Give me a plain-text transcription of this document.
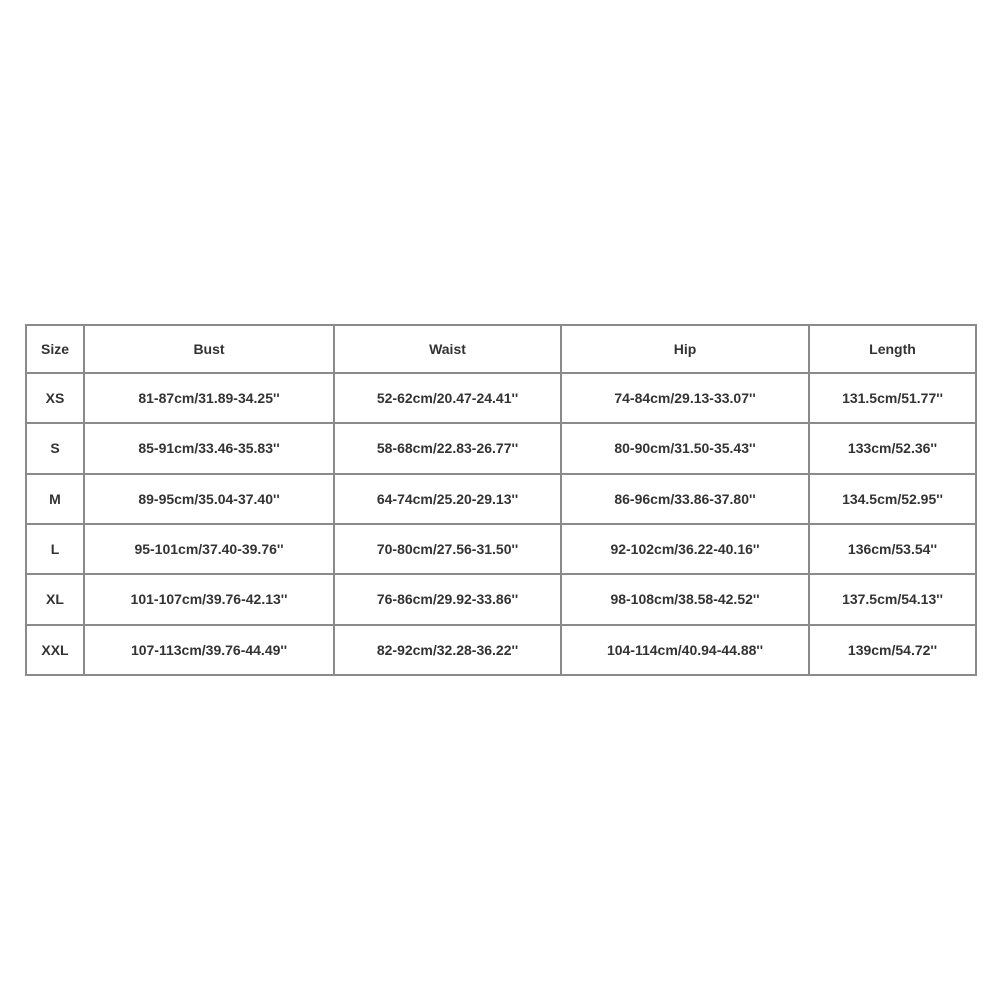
Size	Bust	Waist	Hip	Length
XS	81-87cm/31.89-34.25''	52-62cm/20.47-24.41''	74-84cm/29.13-33.07''	131.5cm/51.77''
S	85-91cm/33.46-35.83''	58-68cm/22.83-26.77''	80-90cm/31.50-35.43''	133cm/52.36''
M	89-95cm/35.04-37.40''	64-74cm/25.20-29.13''	86-96cm/33.86-37.80''	134.5cm/52.95''
L	95-101cm/37.40-39.76''	70-80cm/27.56-31.50''	92-102cm/36.22-40.16''	136cm/53.54''
XL	101-107cm/39.76-42.13''	76-86cm/29.92-33.86''	98-108cm/38.58-42.52''	137.5cm/54.13''
XXL	107-113cm/39.76-44.49''	82-92cm/32.28-36.22''	104-114cm/40.94-44.88''	139cm/54.72''
